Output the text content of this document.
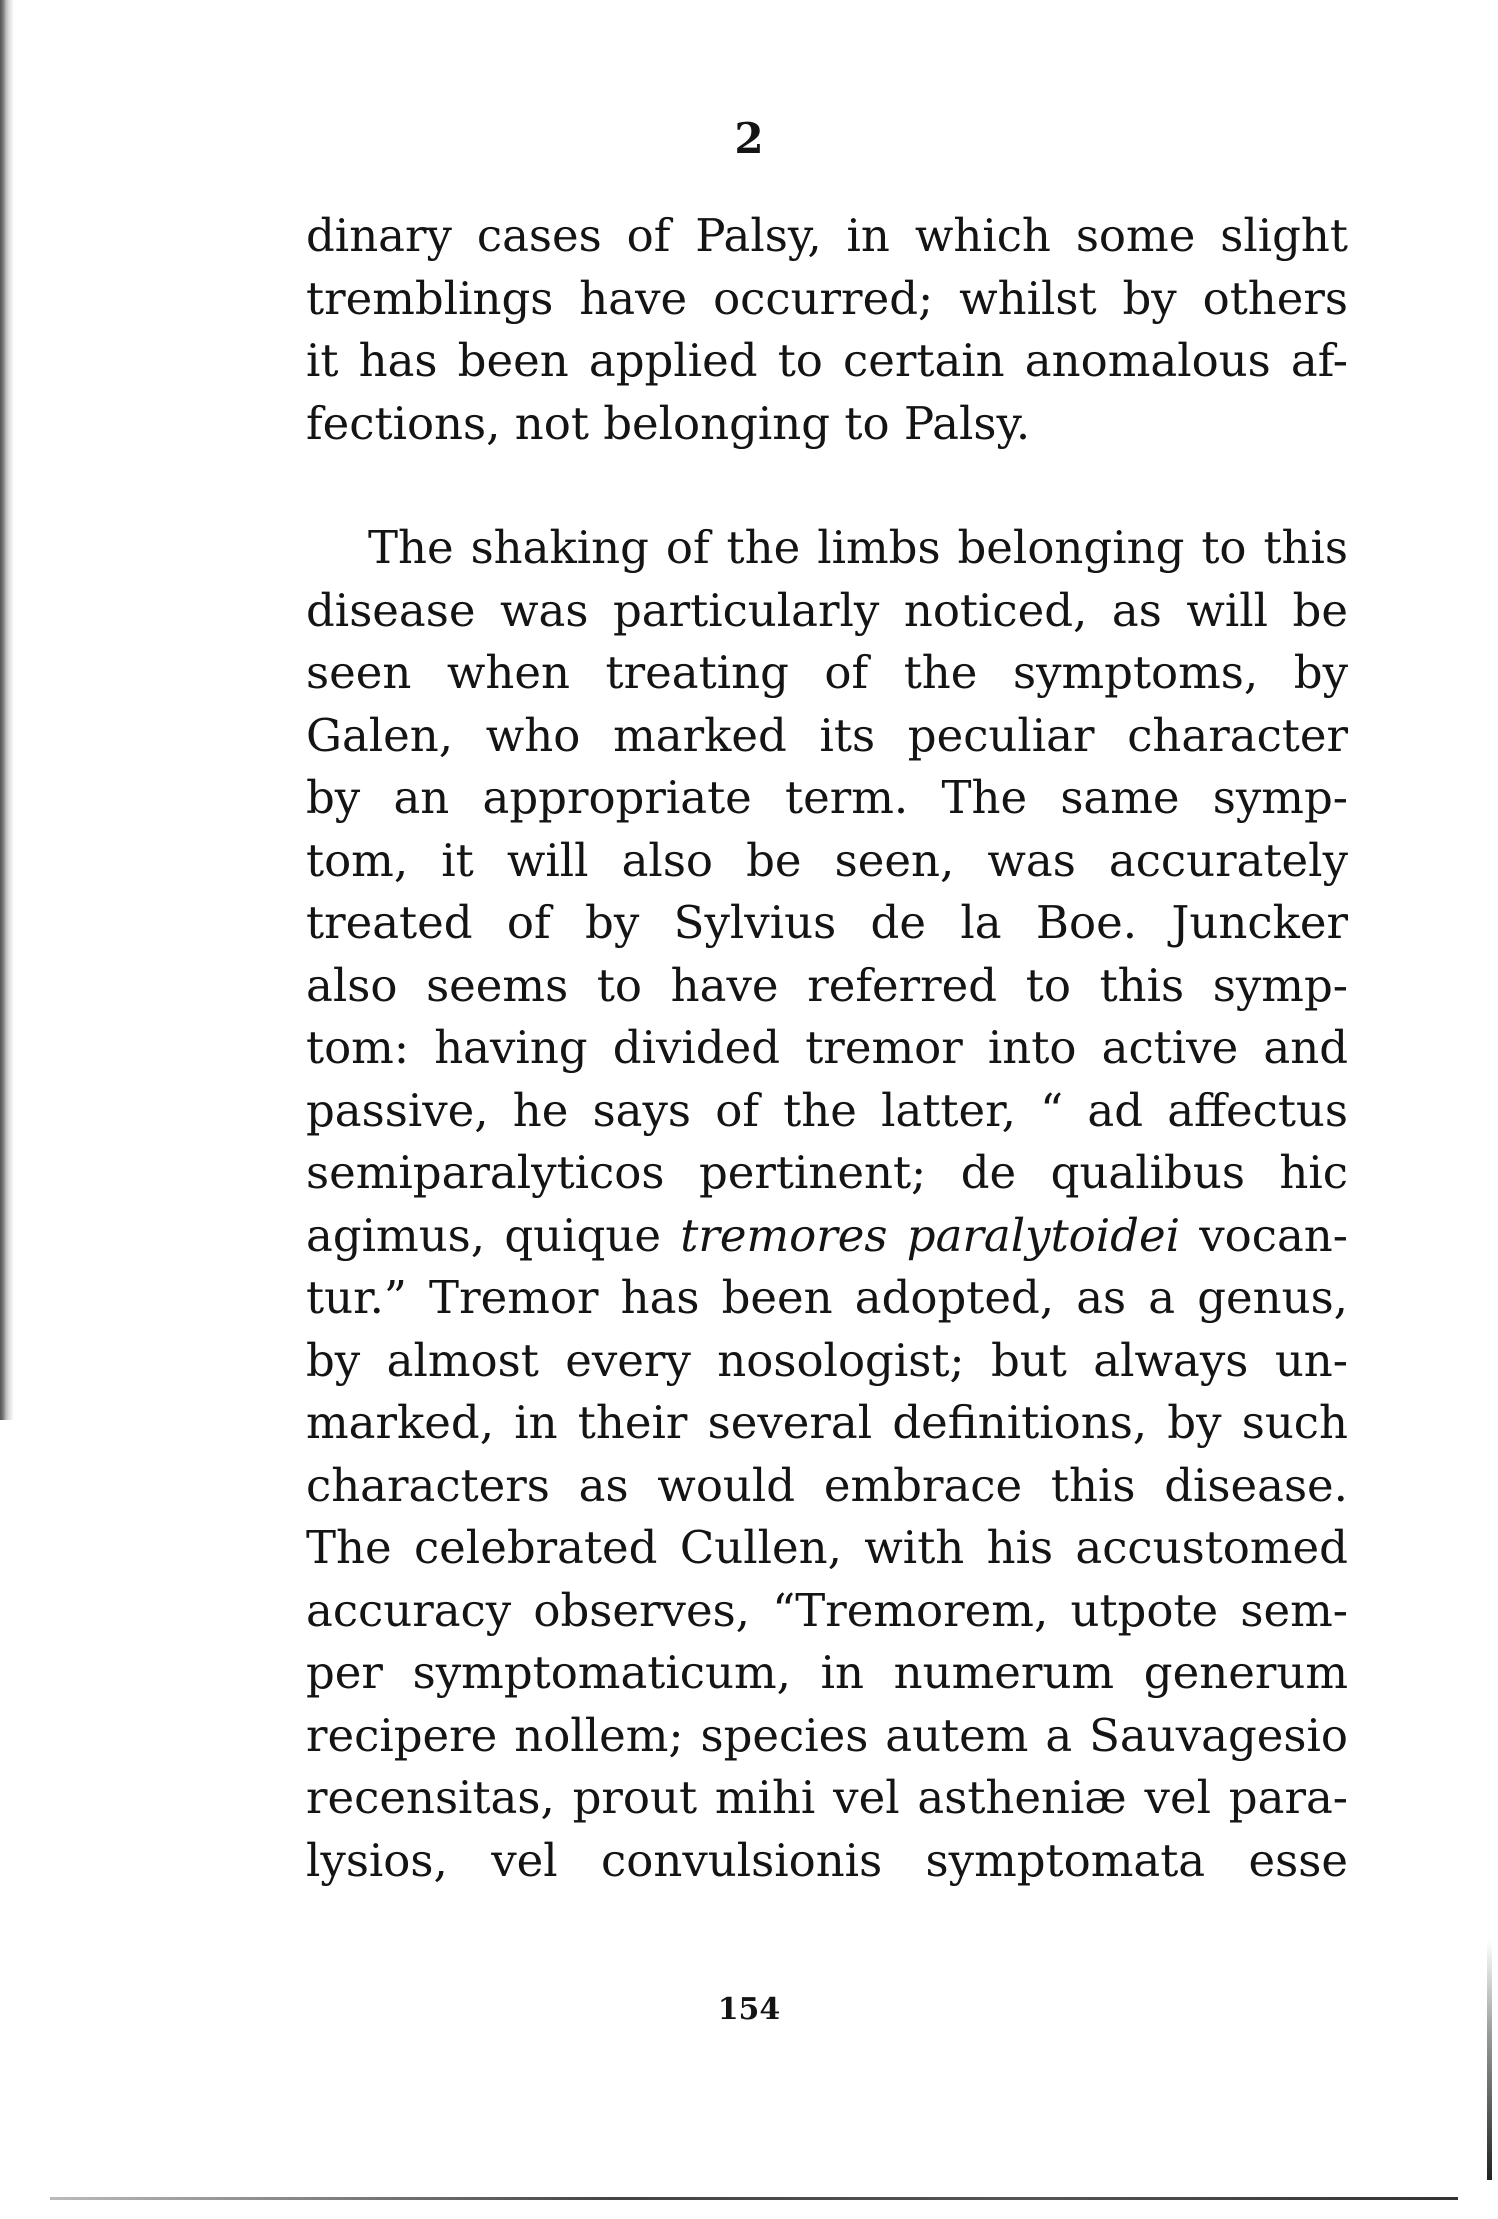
2

dinary cases of Palsy, in which some slight
tremblings have occurred; whilst by others
it has been applied to certain anomalous af-
fections, not belonging to Palsy.

The shaking of the limbs belonging to this
disease was particularly noticed, as will be
seen when treating of the symptoms, by
Galen, who marked its peculiar character
by an appropriate term. The same symp-
tom, it will also be seen, was accurately
treated of by Sylvius de la Boe. Juncker
also seems to have referred to this symp-
tom: having divided tremor into active and
passive, he says of the latter, “ ad affectus
semiparalyticos pertinent; de qualibus hic
agimus, quique tremores paralytoidei vocan-
tur.” Tremor has been adopted, as a genus,
by almost every nosologist; but always un-
marked, in their several definitions, by such
characters as would embrace this disease.
The celebrated Cullen, with his accustomed
accuracy observes, “Tremorem, utpote sem-
per symptomaticum, in numerum generum
recipere nollem; species autem a Sauvagesio
recensitas, prout mihi vel astheniæ vel para-
lysios, vel convulsionis symptomata esse

154
